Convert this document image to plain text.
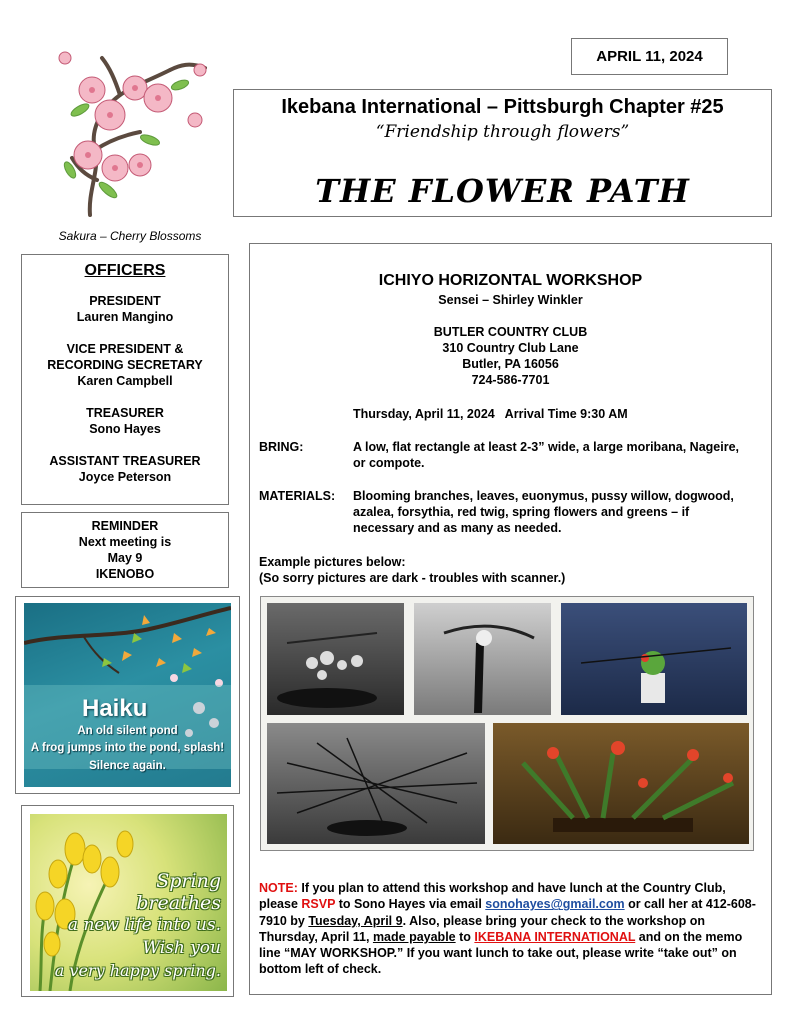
APRIL 11, 2024
Sakura – Cherry Blossoms
Ikebana International – Pittsburgh Chapter #25
“Friendship through flowers”
THE FLOWER PATH
OFFICERS
PRESIDENT
Lauren Mangino
VICE PRESIDENT &
RECORDING SECRETARY
Karen Campbell
TREASURER
Sono Hayes
ASSISTANT TREASURER
Joyce Peterson
REMINDER
Next meeting is
May 9
IKENOBO
Haiku
An old silent pond
A frog jumps into the pond, splash!
Silence again.
Spring
breathes
a new life into us.
Wish you
a very happy spring.
ICHIYO HORIZONTAL WORKSHOP
Sensei – Shirley Winkler
BUTLER COUNTRY CLUB
310 Country Club Lane
Butler, PA 16056
724-586-7701
Thursday, April 11, 2024   Arrival Time 9:30 AM
BRING:	A low, flat rectangle at least 2-3” wide, a large moribana, Nageire, or compote.
MATERIALS: Blooming branches, leaves, euonymus, pussy willow, dogwood, azalea, forsythia, red twig, spring flowers and greens – if necessary and as many as needed.
Example pictures below:
(So sorry pictures are dark - troubles with scanner.)
NOTE: If you plan to attend this workshop and have lunch at the Country Club, please RSVP to Sono Hayes via email sonohayes@gmail.com or call her at 412-608-7910 by Tuesday, April 9. Also, please bring your check to the workshop on Thursday, April 11, made payable to IKEBANA INTERNATIONAL and on the memo line “MAY WORKSHOP.” If you want lunch to take out, please write “take out” on bottom left of check.
